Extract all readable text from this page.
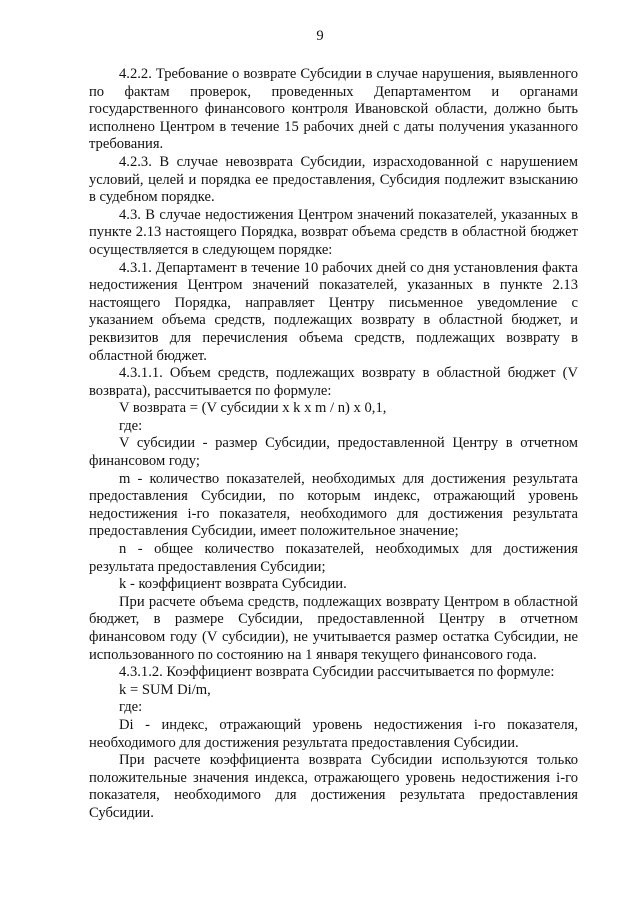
9

4.2.2. Требование о возврате Субсидии в случае нарушения, выявленного по фактам проверок, проведенных Департаментом и органами государственного финансового контроля Ивановской области, должно быть исполнено Центром в течение 15 рабочих дней с даты получения указанного требования.

4.2.3. В случае невозврата Субсидии, израсходованной с нарушением условий, целей и порядка ее предоставления, Субсидия подлежит взысканию в судебном порядке.

4.3. В случае недостижения Центром значений показателей, указанных в пункте 2.13 настоящего Порядка, возврат объема средств в областной бюджет осуществляется в следующем порядке:

4.3.1. Департамент в течение 10 рабочих дней со дня установления факта недостижения Центром значений показателей, указанных в пункте 2.13 настоящего Порядка, направляет Центру письменное уведомление с указанием объема средств, подлежащих возврату в областной бюджет, и реквизитов для перечисления объема средств, подлежащих возврату в областной бюджет.

4.3.1.1. Объем средств, подлежащих возврату в областной бюджет (V возврата), рассчитывается по формуле:

V возврата = (V субсидии x k x m / n) x 0,1,

где:

V субсидии - размер Субсидии, предоставленной Центру в отчетном финансовом году;

m - количество показателей, необходимых для достижения результата предоставления Субсидии, по которым индекс, отражающий уровень недостижения i-го показателя, необходимого для достижения результата предоставления Субсидии, имеет положительное значение;

n - общее количество показателей, необходимых для достижения результата предоставления Субсидии;

k - коэффициент возврата Субсидии.

При расчете объема средств, подлежащих возврату Центром в областной бюджет, в размере Субсидии, предоставленной Центру в отчетном финансовом году (V субсидии), не учитывается размер остатка Субсидии, не использованного по состоянию на 1 января текущего финансового года.

4.3.1.2. Коэффициент возврата Субсидии рассчитывается по формуле:

k = SUM Di/m,

где:

Di - индекс, отражающий уровень недостижения i-го показателя, необходимого для достижения результата предоставления Субсидии.

При расчете коэффициента возврата Субсидии используются только положительные значения индекса, отражающего уровень недостижения i-го показателя, необходимого для достижения результата предоставления Субсидии.
